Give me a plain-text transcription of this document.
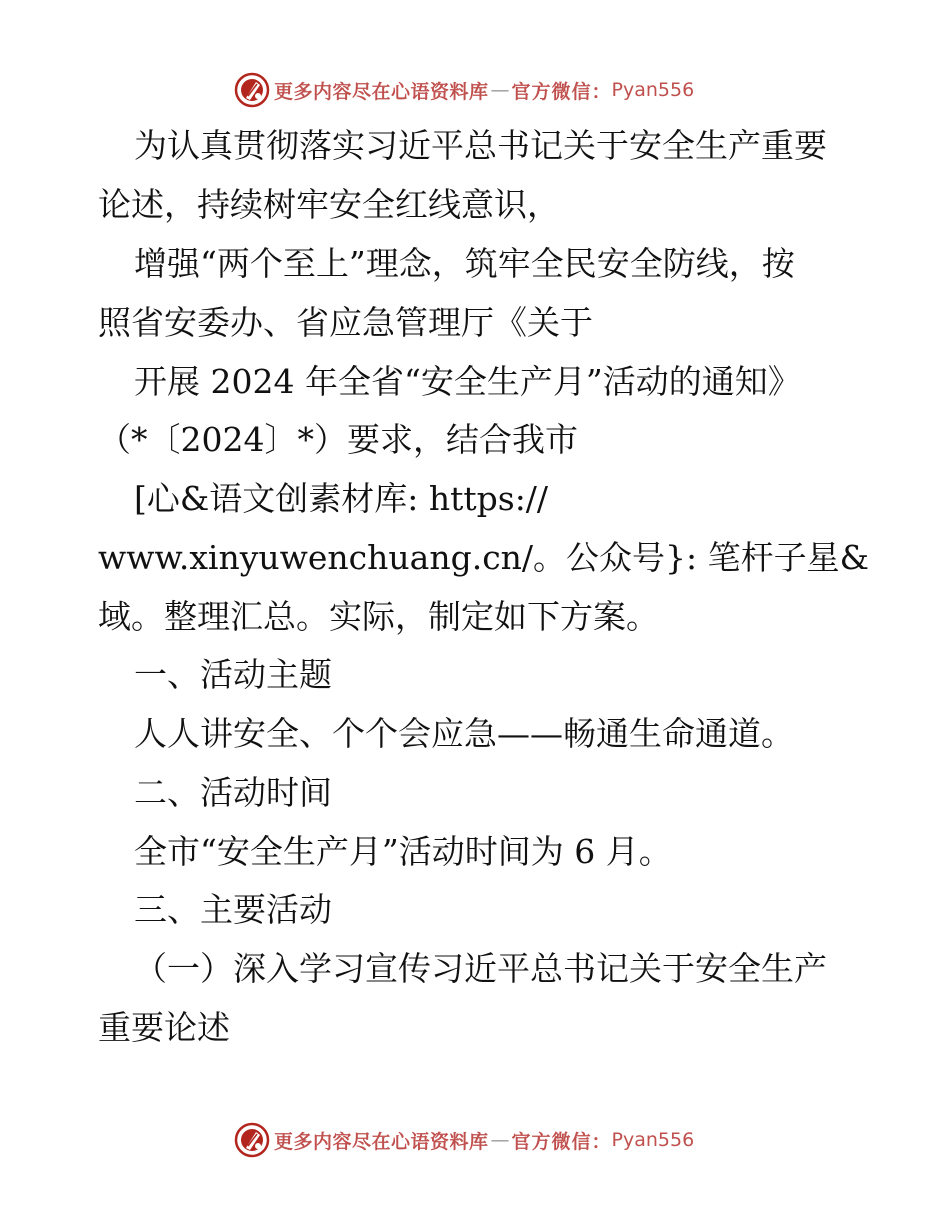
更多内容尽在心语资料库 — 官方微信： Pyan556

为认真贯彻落实习近平总书记关于安全生产重要

论述，持续树牢安全红线意识，

增强“两个至上”理念，筑牢全民安全防线，按

照省安委办、省应急管理厅《关于

开展 2024 年全省“安全生产月”活动的通知》

（*〔2024〕*）要求，结合我市

[心&语文创素材库: https://

www.xinyuwenchuang.cn/。公众号}: 笔杆子星&

域。整理汇总。实际，制定如下方案。

一、活动主题

人人讲安全、个个会应急——畅通生命通道。

二、活动时间

全市“安全生产月”活动时间为 6 月。

三、主要活动

（一）深入学习宣传习近平总书记关于安全生产

重要论述

更多内容尽在心语资料库 — 官方微信： Pyan556
